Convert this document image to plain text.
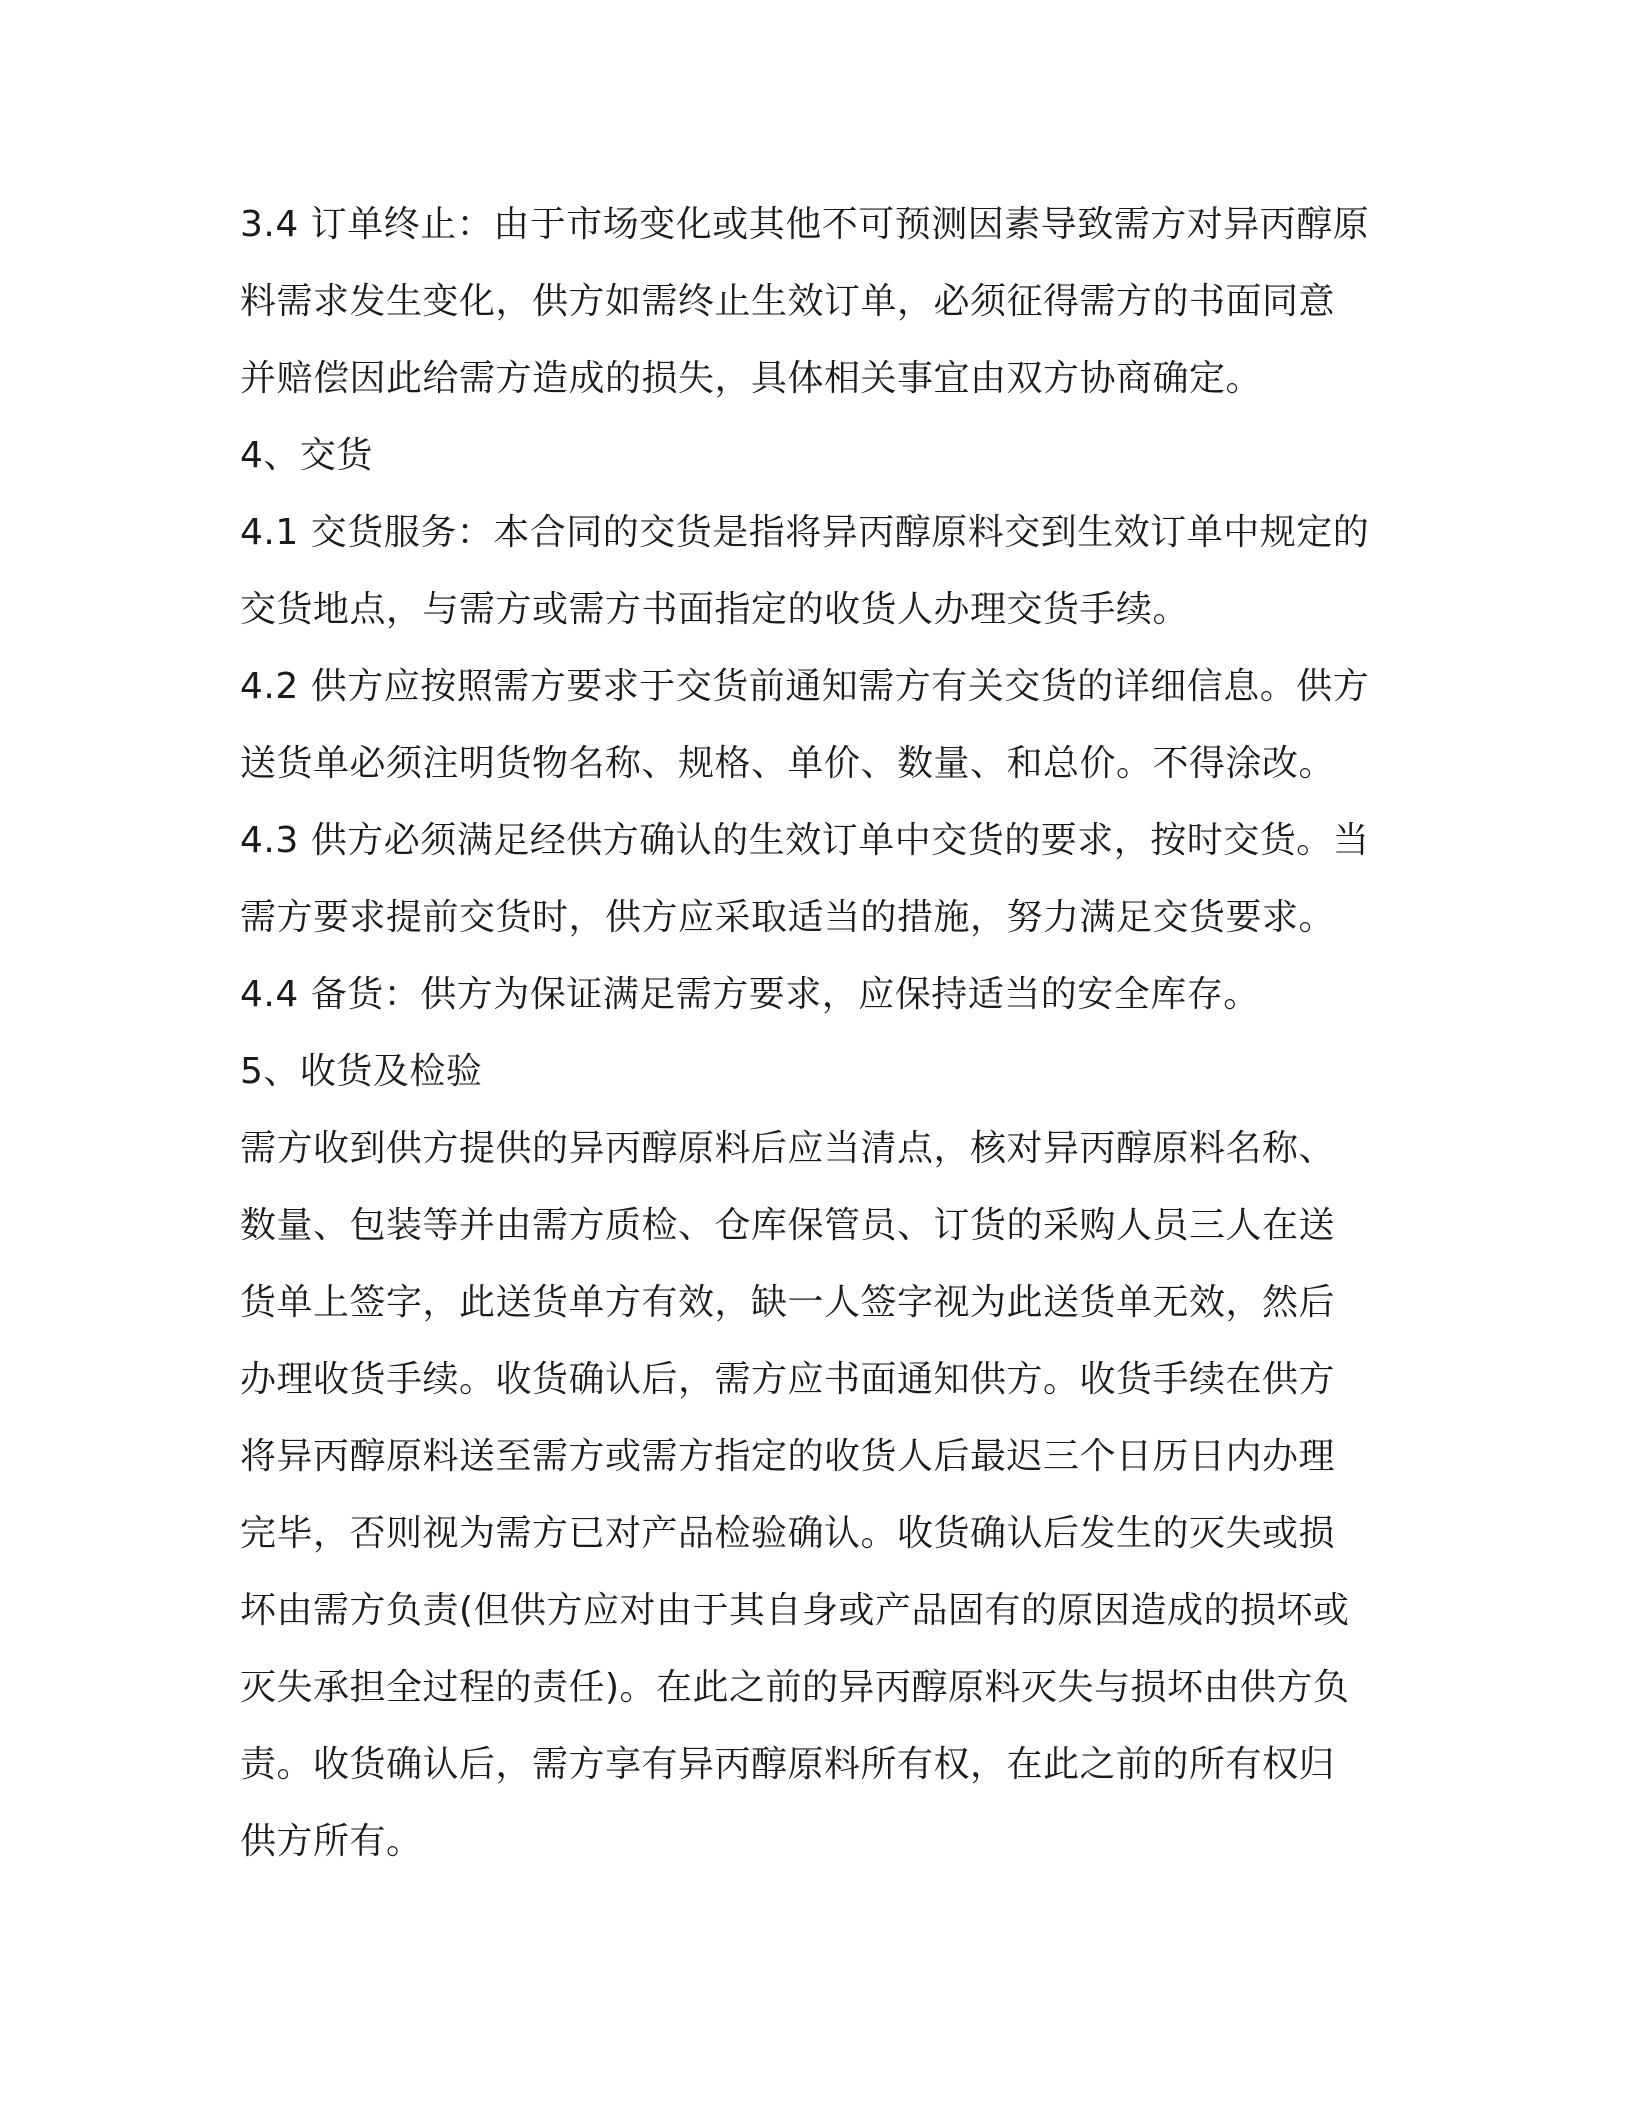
3.4 订单终止：由于市场变化或其他不可预测因素导致需方对异丙醇原
料需求发生变化，供方如需终止生效订单，必须征得需方的书面同意
并赔偿因此给需方造成的损失，具体相关事宜由双方协商确定。
4、交货
4.1 交货服务：本合同的交货是指将异丙醇原料交到生效订单中规定的
交货地点，与需方或需方书面指定的收货人办理交货手续。
4.2 供方应按照需方要求于交货前通知需方有关交货的详细信息。供方
送货单必须注明货物名称、规格、单价、数量、和总价。不得涂改。
4.3 供方必须满足经供方确认的生效订单中交货的要求，按时交货。当
需方要求提前交货时，供方应采取适当的措施，努力满足交货要求。
4.4 备货：供方为保证满足需方要求，应保持适当的安全库存。
5、收货及检验
需方收到供方提供的异丙醇原料后应当清点，核对异丙醇原料名称、
数量、包装等并由需方质检、仓库保管员、订货的采购人员三人在送
货单上签字，此送货单方有效，缺一人签字视为此送货单无效，然后
办理收货手续。收货确认后，需方应书面通知供方。收货手续在供方
将异丙醇原料送至需方或需方指定的收货人后最迟三个日历日内办理
完毕，否则视为需方已对产品检验确认。收货确认后发生的灭失或损
坏由需方负责(但供方应对由于其自身或产品固有的原因造成的损坏或
灭失承担全过程的责任)。在此之前的异丙醇原料灭失与损坏由供方负
责。收货确认后，需方享有异丙醇原料所有权，在此之前的所有权归
供方所有。
